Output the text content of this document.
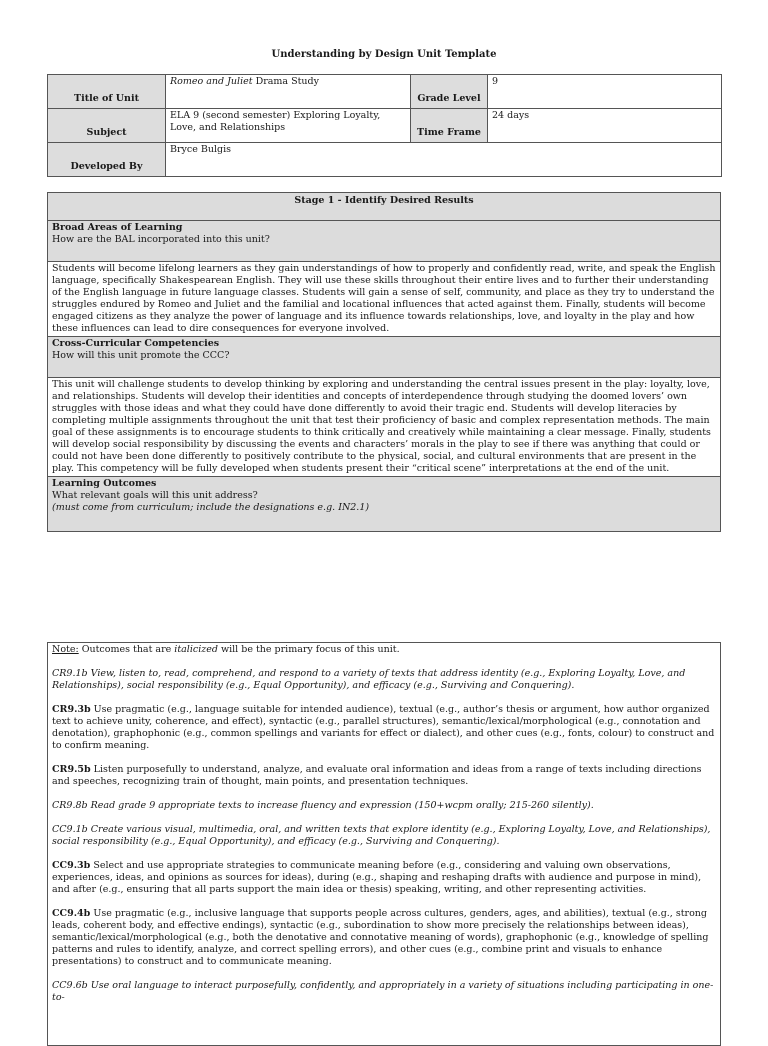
Understanding by Design Unit Template
Title of Unit	Romeo and Juliet Drama Study	Grade Level	9
Subject	ELA 9 (second semester) Exploring Loyalty, Love, and Relationships	Time Frame	24 days
Developed By	Bryce Bulgis		
Stage 1 - Identify Desired Results

Broad Areas of Learning
How are the BAL incorporated into this unit?

Students will become lifelong learners as they gain understandings of how to properly and confidently read, write, and speak the English language, specifically Shakespearean English. They will use these skills throughout their entire lives and to further their understanding of the English language in future language classes. Students will gain a sense of self, community, and place as they try to understand the struggles endured by Romeo and Juliet and the familial and locational influences that acted against them. Finally, students will become engaged citizens as they analyze the power of language and its influence towards relationships, love, and loyalty in the play and how these influences can lead to dire consequences for everyone involved.

Cross-Curricular Competencies
How will this unit promote the CCC?

This unit will challenge students to develop thinking by exploring and understanding the central issues present in the play: loyalty, love, and relationships. Students will develop their identities and concepts of interdependence through studying the doomed lovers’ own struggles with those ideas and what they could have done differently to avoid their tragic end. Students will develop literacies by completing multiple assignments throughout the unit that test their proficiency of basic and complex representation methods. The main goal of these assignments is to encourage students to think critically and creatively while maintaining a clear message. Finally, students will develop social responsibility by discussing the events and characters’ morals in the play to see if there was anything that could or could not have been done differently to positively contribute to the physical, social, and cultural environments that are present in the play. This competency will be fully developed when students present their “critical scene” interpretations at the end of the unit.

Learning Outcomes
What relevant goals will this unit address?
(must come from curriculum; include the designations e.g. IN2.1)

Note: Outcomes that are italicized will be the primary focus of this unit.

CR9.1b View, listen to, read, comprehend, and respond to a variety of texts that address identity (e.g., Exploring Loyalty, Love, and Relationships), social responsibility (e.g., Equal Opportunity), and efficacy (e.g., Surviving and Conquering).

CR9.3b Use pragmatic (e.g., language suitable for intended audience), textual (e.g., author’s thesis or argument, how author organized text to achieve unity, coherence, and effect), syntactic (e.g., parallel structures), semantic/lexical/morphological (e.g., connotation and denotation), graphophonic (e.g., common spellings and variants for effect or dialect), and other cues (e.g., fonts, colour) to construct and to confirm meaning.

CR9.5b Listen purposefully to understand, analyze, and evaluate oral information and ideas from a range of texts including directions and speeches, recognizing train of thought, main points, and presentation techniques.

CR9.8b Read grade 9 appropriate texts to increase fluency and expression (150+wcpm orally; 215-260 silently).

CC9.1b Create various visual, multimedia, oral, and written texts that explore identity (e.g., Exploring Loyalty, Love, and Relationships), social responsibility (e.g., Equal Opportunity), and efficacy (e.g., Surviving and Conquering).

CC9.3b Select and use appropriate strategies to communicate meaning before (e.g., considering and valuing own observations, experiences, ideas, and opinions as sources for ideas), during (e.g., shaping and reshaping drafts with audience and purpose in mind), and after (e.g., ensuring that all parts support the main idea or thesis) speaking, writing, and other representing activities.

CC9.4b Use pragmatic (e.g., inclusive language that supports people across cultures, genders, ages, and abilities), textual (e.g., strong leads, coherent body, and effective endings), syntactic (e.g., subordination to show more precisely the relationships between ideas), semantic/lexical/morphological (e.g., both the denotative and connotative meaning of words), graphophonic (e.g., knowledge of spelling patterns and rules to identify, analyze, and correct spelling errors), and other cues (e.g., combine print and visuals to enhance presentations) to construct and to communicate meaning.

CC9.6b Use oral language to interact purposefully, confidently, and appropriately in a variety of situations including participating in one-to-
